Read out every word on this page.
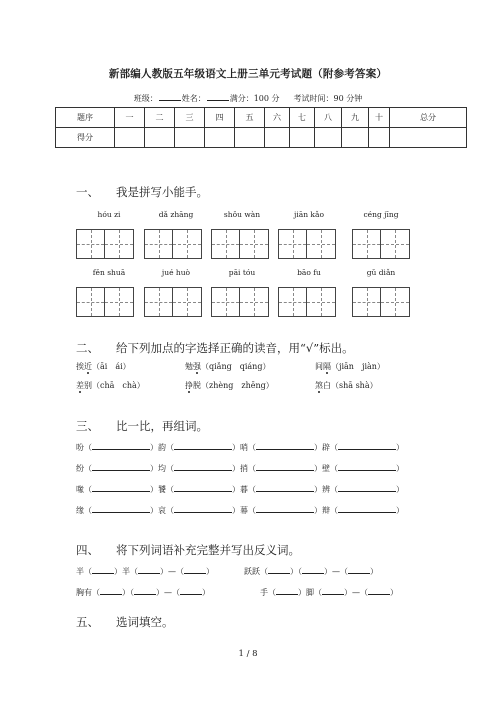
新部编人教版五年级语文上册三单元考试题（附参考答案）
班级：	姓名：	满分：100 分 考试时间：90 分钟
题序	一	二	三	四	五	六	七	八	九	十	总分
得分											
一、 我是拼写小能手。
hóu zi	dǎ zhāng	shǒu wàn	jiān kǎo	céng jīng
fěn shuā	jué huò	pāi tóu	bāo fu	gǔ diǎn
二、 给下列加点的字选择正确的读音，用“√”标出。
挨近（āi　ái）	勉强（qiǎng　qiáng）	间隔（jiān　jiàn）
差别（chā　chà）	挣脱（zhèng　zhēng）	煞白（shā shà）
三、 比一比，再组词。
吩（	）韵（	）哨（	）辟（	）
纷（	）均（	）捎（	）壁（	）
喙（	）饕（	）暮（	）辨（	）
缘（	）哀（	）幕（	）辩（	）
四、 将下列词语补充完整并写出反义词。
半（	）半（	）—（	）	跃跃（	）（	）—（	）
胸有（	）（	）—（	）	手（	）脚（	）—（	）
五、 选词填空。
1 / 8
